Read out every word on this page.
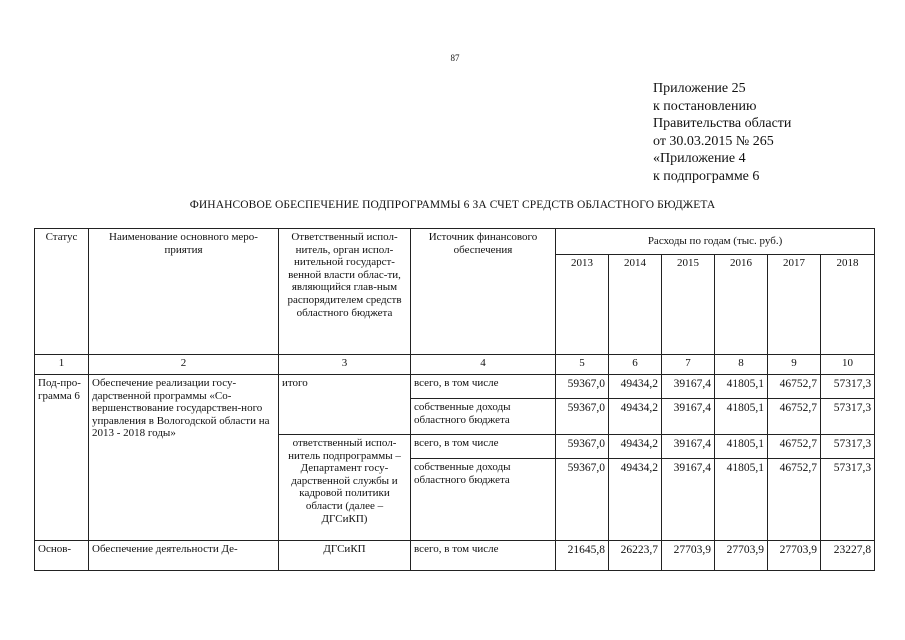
87
Приложение 25
к постановлению
Правительства области
от 30.03.2015 № 265
«Приложение 4
к подпрограмме 6
ФИНАНСОВОЕ ОБЕСПЕЧЕНИЕ ПОДПРОГРАММЫ 6 ЗА СЧЕТ СРЕДСТВ ОБЛАСТНОГО БЮДЖЕТА
Статус	Наименование основного меро-приятия	Ответственный испол-нитель, орган испол-нительной государст-венной власти облас-ти, являющийся глав-ным распорядителем средств областного бюджета	Источник финансового обеспечения	Расходы по годам (тыс. руб.)					
				2013	2014	2015	2016	2017	2018
1	2	3	4	5	6	7	8	9	10
Под-про-грамма 6	Обеспечение реализации госу-дарственной программы «Со-вершенствование государствен-ного управления в Вологодской области на 2013 - 2018 годы»	итого	всего, в том числе	59367,0	49434,2	39167,4	41805,1	46752,7	57317,3
			собственные доходы областного бюджета	59367,0	49434,2	39167,4	41805,1	46752,7	57317,3
		ответственный испол-нитель подпрограммы – Департамент госу-дарственной службы и кадровой политики области (далее – ДГСиКП)	всего, в том числе	59367,0	49434,2	39167,4	41805,1	46752,7	57317,3
			собственные доходы областного бюджета	59367,0	49434,2	39167,4	41805,1	46752,7	57317,3
Основ-	Обеспечение деятельности Де-	ДГСиКП	всего, в том числе	21645,8	26223,7	27703,9	27703,9	27703,9	23227,8
